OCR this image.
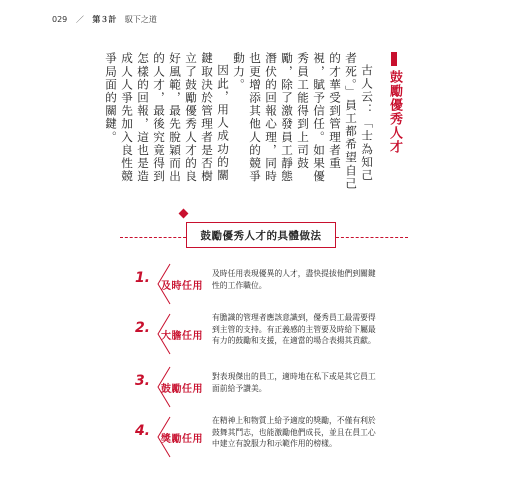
029 ／ 第３計 馭下之道
鼓勵優秀人才

古人云：「士為知己者死。」員工都希望自己的才華受到管理者重視，賦予信任。如果優秀員工能得到上司鼓勵，除了激發員工靜態潛伏的回報心理，同時也更增添其他人的競爭動力。

因此，用人成功的關鍵取決於管理者是否樹立了鼓勵優秀人才的良好風範，最先脫穎而出的人才，最後究竟得到怎樣的回報，這也是造成人人爭先加入良性競爭局面的關鍵。

鼓勵優秀人才的具體做法
1.	及時任用
及時任用表現優異的人才，盡快提拔他們到關鍵
性的工作職位。
2.	大膽任用
有膽識的管理者應該意識到，優秀員工最需要得
到主管的支持。有正義感的主管要及時給下屬最
有力的鼓勵和支援，在適當的場合表揚其貢獻。
3.	鼓勵任用
對表現傑出的員工，適時地在私下或是其它員工
面前給予讚美。
4.	獎勵任用
在精神上和物質上給予適度的獎勵，不僅有利於
鼓舞其鬥志，也能激勵他們成長，並且在員工心
中建立有說服力和示範作用的榜樣。
